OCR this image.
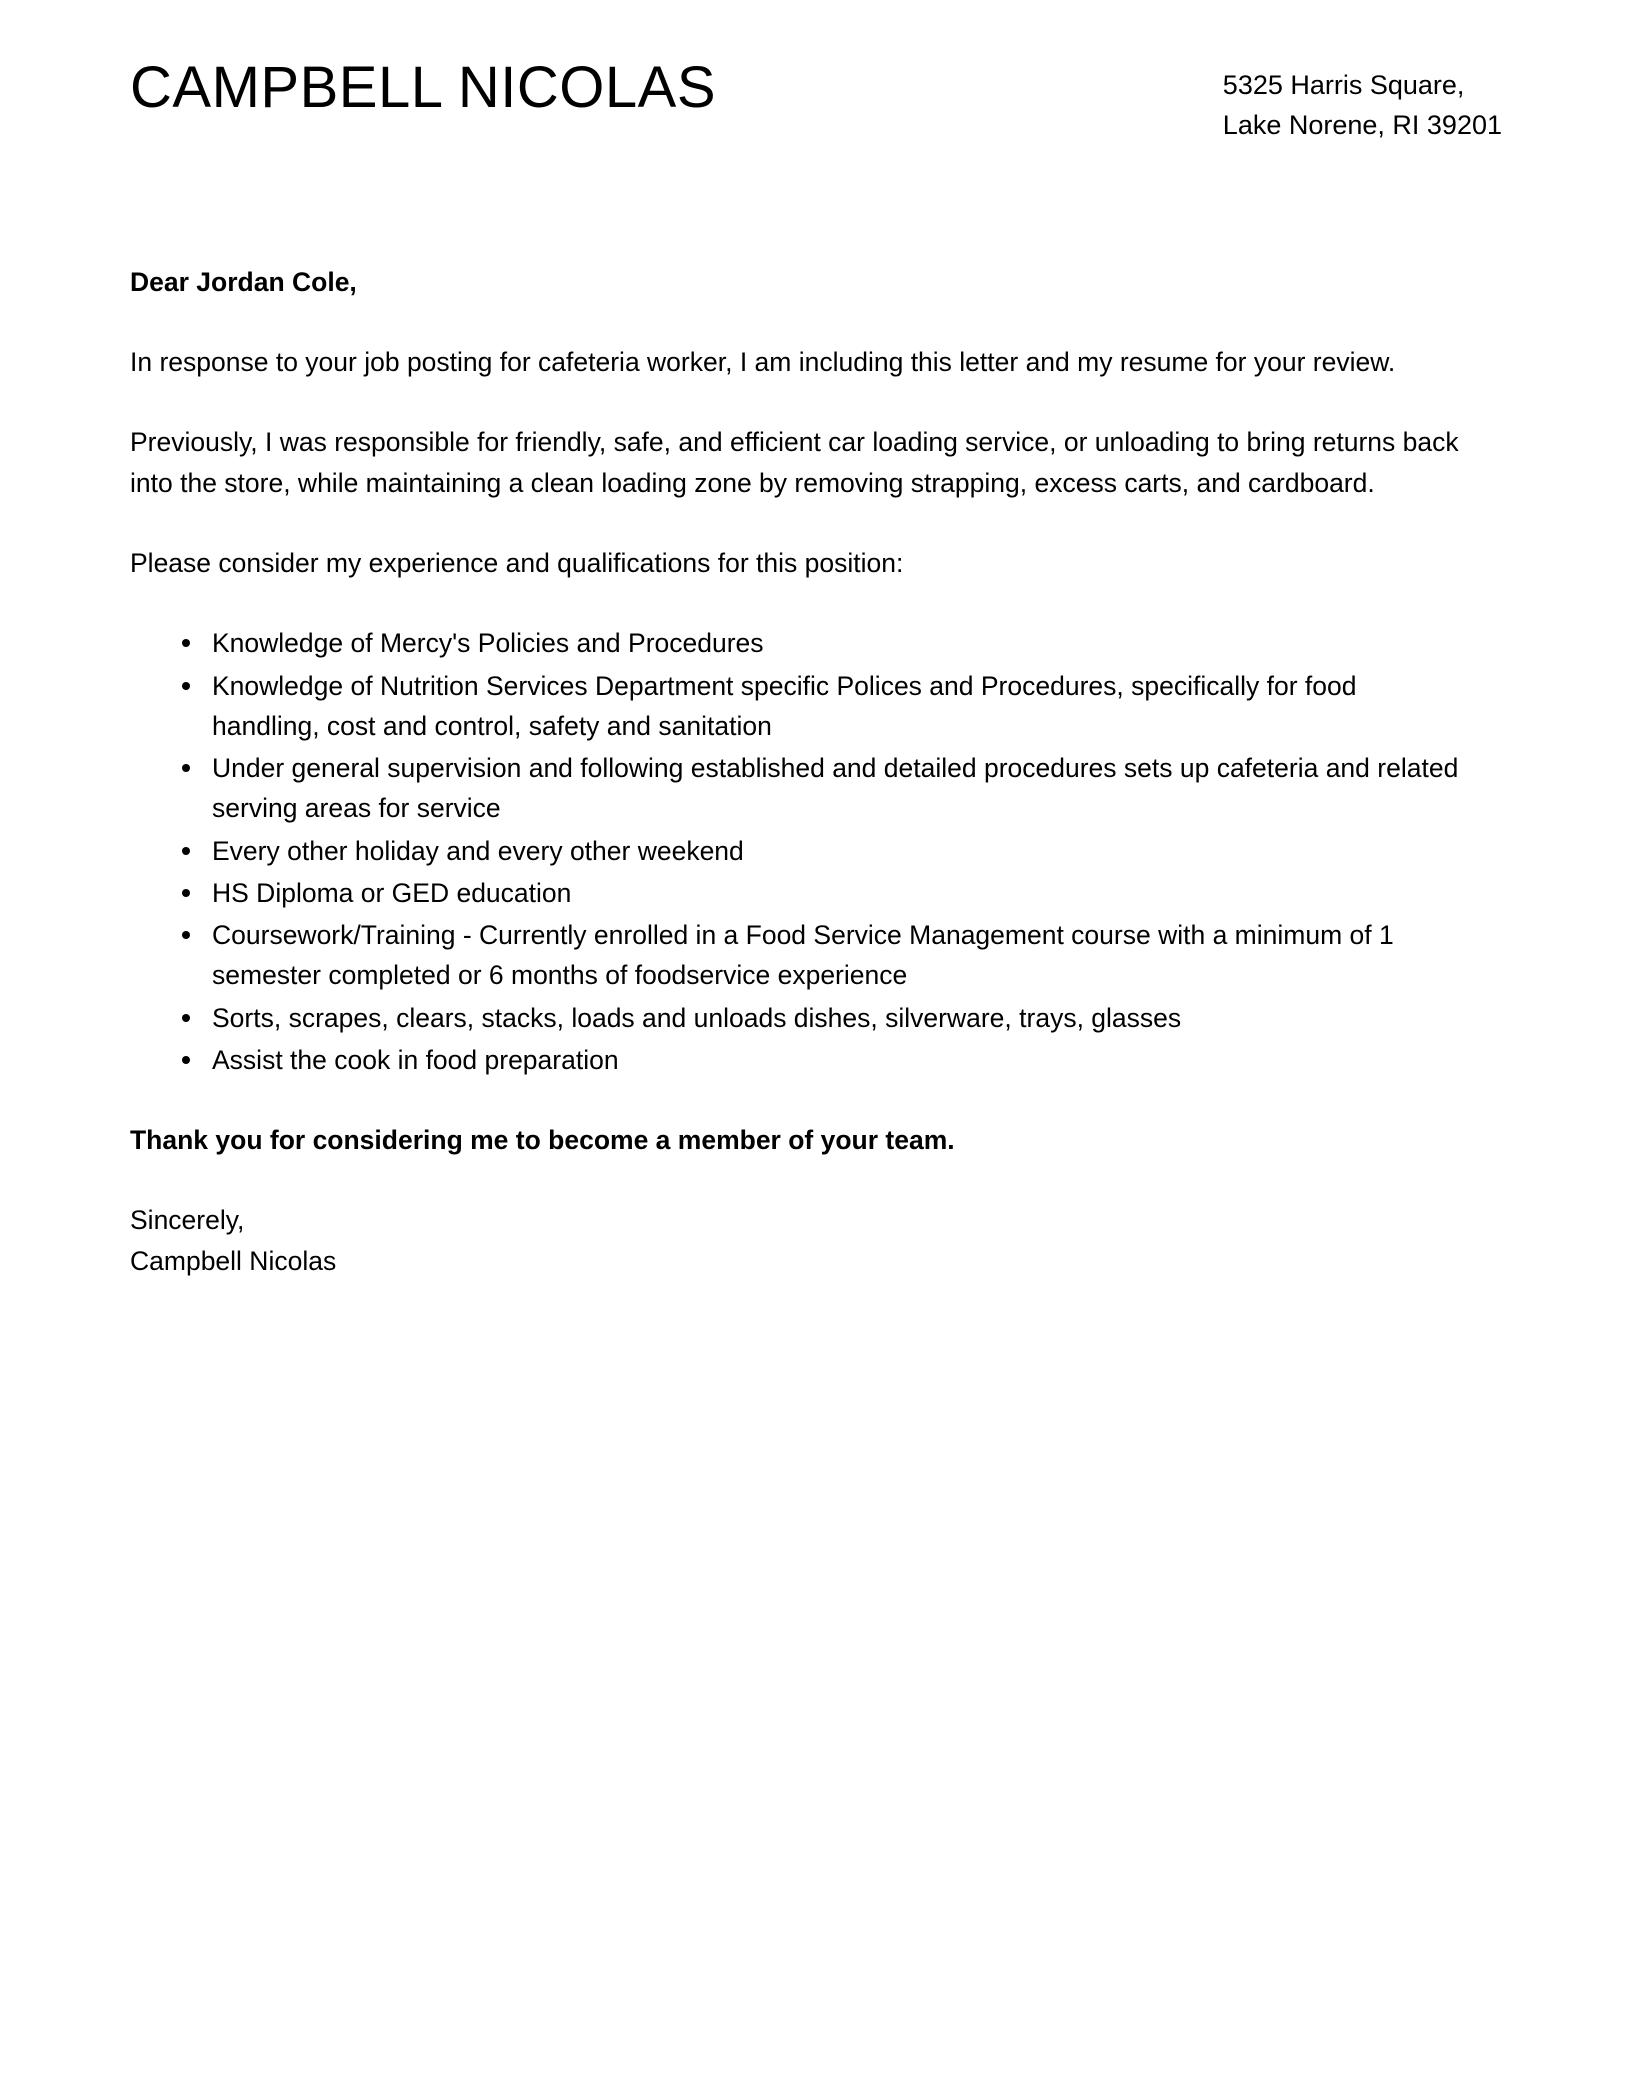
CAMPBELL NICOLAS	5325 Harris Square,
Lake Norene, RI 39201

Dear Jordan Cole,

In response to your job posting for cafeteria worker, I am including this letter and my resume for your review.

Previously, I was responsible for friendly, safe, and efficient car loading service, or unloading to bring returns back into the store, while maintaining a clean loading zone by removing strapping, excess carts, and cardboard.

Please consider my experience and qualifications for this position:

Knowledge of Mercy's Policies and Procedures
Knowledge of Nutrition Services Department specific Polices and Procedures, specifically for food handling, cost and control, safety and sanitation
Under general supervision and following established and detailed procedures sets up cafeteria and related serving areas for service
Every other holiday and every other weekend
HS Diploma or GED education
Coursework/Training - Currently enrolled in a Food Service Management course with a minimum of 1 semester completed or 6 months of foodservice experience
Sorts, scrapes, clears, stacks, loads and unloads dishes, silverware, trays, glasses
Assist the cook in food preparation

Thank you for considering me to become a member of your team.

Sincerely,
Campbell Nicolas
